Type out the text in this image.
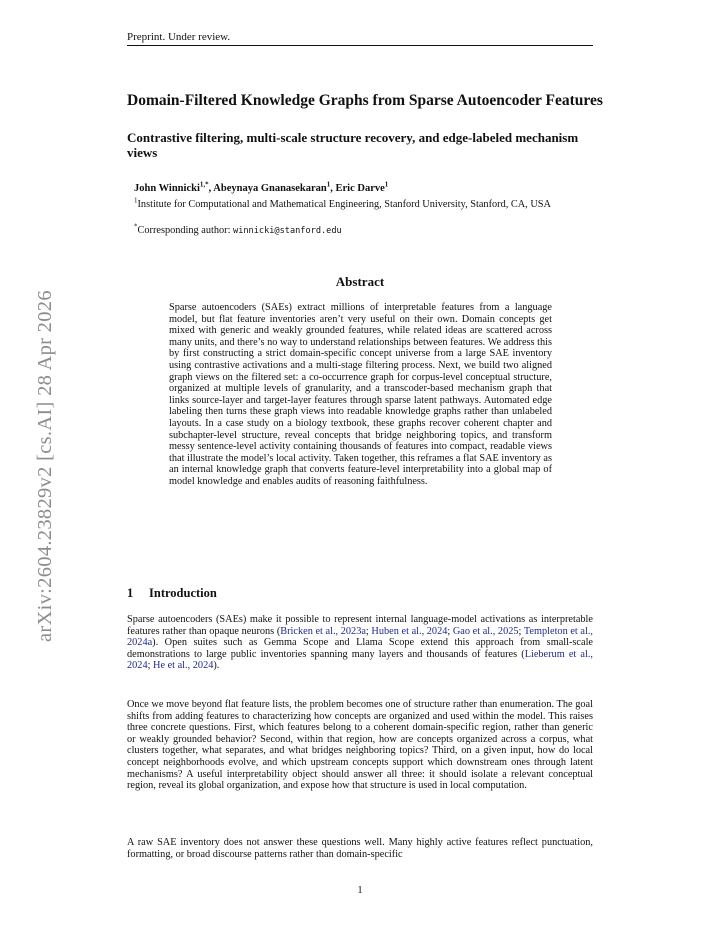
Preprint. Under review.
arXiv:2604.23829v2 [cs.AI] 28 Apr 2026
Domain-Filtered Knowledge Graphs from Sparse Autoencoder Features
Contrastive filtering, multi-scale structure recovery, and edge-labeled mechanism views
John Winnicki$^{1,*}$, Abeynaya Gnanasekaran$^1$, Eric Darve$^1$
$^1$Institute for Computational and Mathematical Engineering, Stanford University, Stanford, CA, USA
*Corresponding author: winnicki@stanford.edu
Abstract
Sparse autoencoders (SAEs) extract millions of interpretable features from a language model, but flat feature inventories aren’t very useful on their own. Domain concepts get mixed with generic and weakly grounded features, while related ideas are scattered across many units, and there’s no way to understand relationships between features. We address this by first constructing a strict domain-specific concept universe from a large SAE inventory using contrastive activations and a multi-stage filtering process. Next, we build two aligned graph views on the filtered set: a co-occurrence graph for corpus-level conceptual structure, organized at multiple levels of granularity, and a transcoder-based mechanism graph that links source-layer and target-layer features through sparse latent pathways. Automated edge labeling then turns these graph views into readable knowledge graphs rather than unlabeled layouts. In a case study on a biology textbook, these graphs recover coherent chapter and subchapter-level structure, reveal concepts that bridge neighboring topics, and transform messy sentence-level activity containing thousands of features into compact, readable views that illustrate the model’s local activity. Taken together, this reframes a flat SAE inventory as an internal knowledge graph that converts feature-level interpretability into a global map of model knowledge and enables audits of reasoning faithfulness.
1 Introduction
Sparse autoencoders (SAEs) make it possible to represent internal language-model activations as interpretable features rather than opaque neurons (Bricken et al., 2023a; Huben et al., 2024; Gao et al., 2025; Templeton et al., 2024a). Open suites such as Gemma Scope and Llama Scope extend this approach from small-scale demonstrations to large public inventories spanning many layers and thousands of features (Lieberum et al., 2024; He et al., 2024).
Once we move beyond flat feature lists, the problem becomes one of structure rather than enumeration. The goal shifts from adding features to characterizing how concepts are organized and used within the model. This raises three concrete questions. First, which features belong to a coherent domain-specific region, rather than generic or weakly grounded behavior? Second, within that region, how are concepts organized across a corpus, what clusters together, what separates, and what bridges neighboring topics? Third, on a given input, how do local concept neighborhoods evolve, and which upstream concepts support which downstream ones through latent mechanisms? A useful interpretability object should answer all three: it should isolate a relevant conceptual region, reveal its global organization, and expose how that structure is used in local computation.
A raw SAE inventory does not answer these questions well. Many highly active features reflect punctuation, formatting, or broad discourse patterns rather than domain-specific
1
